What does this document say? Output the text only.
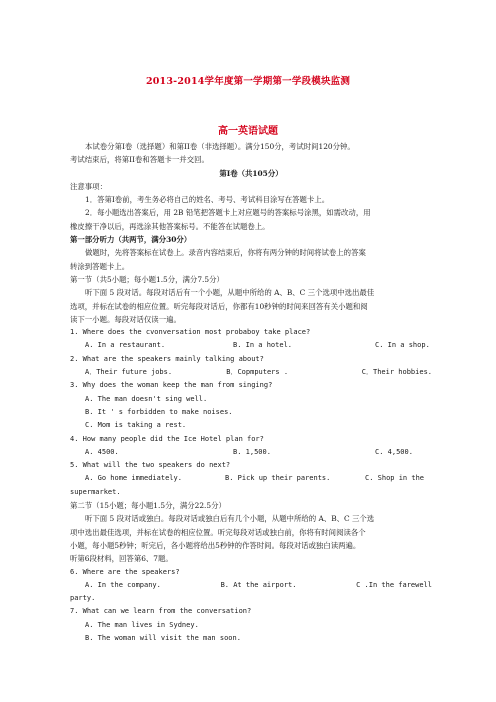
2013-2014学年度第一学期第一学段模块监测
高一英语试题
本试卷分第Ⅰ卷（选择题）和第II卷（非选择题）。满分150分，考试时间120分钟。
考试结束后，将第II卷和答题卡一并交回。
第Ⅰ卷（共105分）
注意事项：
1．答第Ⅰ卷前，考生务必将自己的姓名、考号、考试科目涂写在答题卡上。
2．每小题选出答案后，用 2B 铅笔把答题卡上对应题号的答案标号涂黑，如需改动，用
橡皮擦干净以后，再选涂其他答案标号。不能答在试题卷上。
第一部分听力（共两节，满分30分）
做题时，先将答案标在试卷上。录音内容结束后，你将有两分钟的时间将试卷上的答案
转涂到答题卡上。
第一节（共5小题；每小题1.5分，满分7.5分）
听下面 5 段对话。每段对话后有一个小题，从题中所给的 A、B、C 三个选项中选出最佳
选项，并标在试卷的相应位置。听完每段对话后，你都有10秒钟的时间来回答有关小题和阅
读下一小题。每段对话仅读一遍。
1. Where does the cvonversation most probaboy take place?
A. In a restaurant.	B. In a hotel.	C. In a shop.
2. What are the speakers mainly talking about?
A．Their future jobs.	B．Copmputers .	C．Their hobbies.
3. Why does the woman keep the man from singing?
A. The man doesn't sing well.
B. It ' s forbidden to make noises.
C. Mom is taking a rest.
4. How many people did the Ice Hotel plan for?
A. 4500.	B. 1,500.	C. 4,500.
5. What will the two speakers do next?
A. Go home immediately.	B. Pick up their parents.	C. Shop in the
supermarket.
第二节（15小题；每小题1.5分，满分22.5分）
听下面 5 段对话或独白。每段对话或独白后有几个小题，从题中所给的 A、B、C 三个选
项中选出最佳选项，并标在试卷的相应位置。听完每段对话或独白前，你将有时间阅读各个
小题，每小题5秒钟；听完后，各小题将给出5秒钟的作答时间。每段对话或独白读两遍。
听第6段材料，回答第6、7题。
6. Where are the speakers?
A. In the company.	B. At the airport.	C .In the farewell
party.
7. What can we learn from the conversation?
A. The man lives in Sydney.
B. The woman will visit the man soon.
